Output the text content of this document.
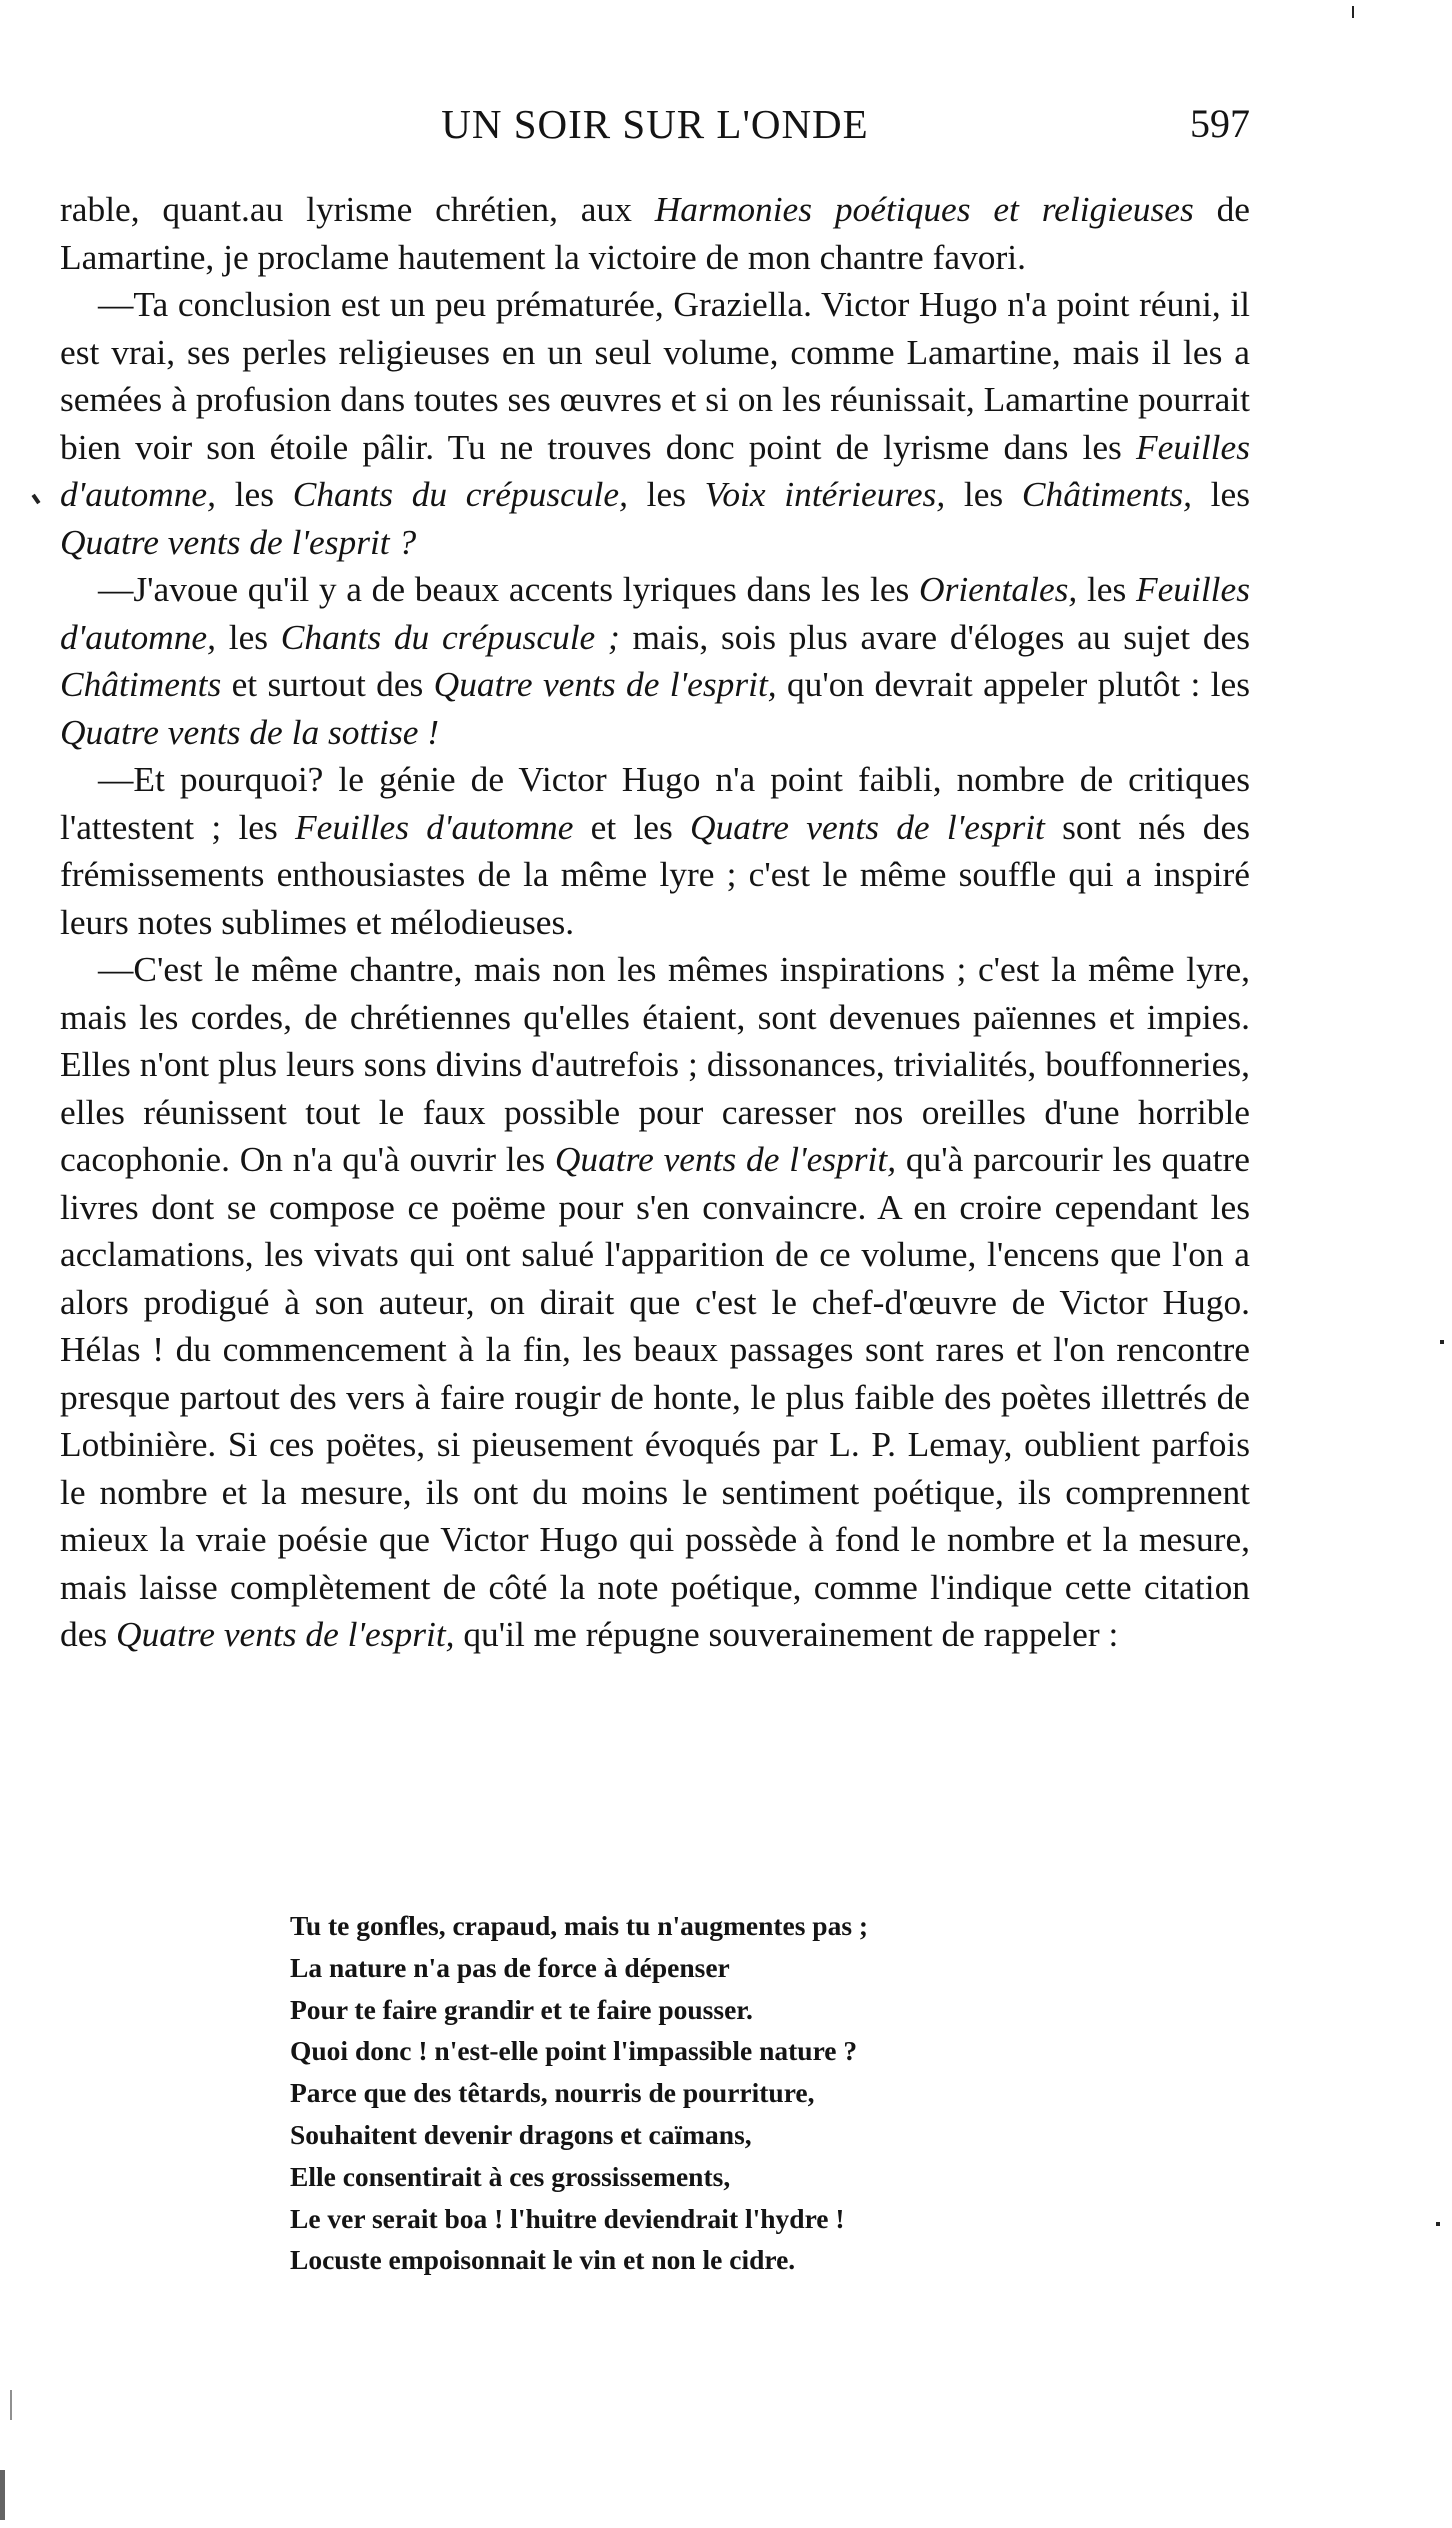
UN SOIR SUR L'ONDE	597

rable, quant.au lyrisme chrétien, aux Harmonies poétiques et religieuses de Lamartine, je proclame hautement la victoire de mon chantre favori.

—Ta conclusion est un peu prématurée, Graziella. Victor Hugo n'a point réuni, il est vrai, ses perles religieuses en un seul volume, comme Lamartine, mais il les a semées à profusion dans toutes ses œuvres et si on les réunissait, Lamartine pourrait bien voir son étoile pâlir. Tu ne trouves donc point de lyrisme dans les Feuilles d'automne, les Chants du crépuscule, les Voix intérieures, les Châtiments, les Quatre vents de l'esprit ?

—J'avoue qu'il y a de beaux accents lyriques dans les les Orientales, les Feuilles d'automne, les Chants du crépuscule ; mais, sois plus avare d'éloges au sujet des Châtiments et surtout des Quatre vents de l'esprit, qu'on devrait appeler plutôt : les Quatre vents de la sottise !

—Et pourquoi? le génie de Victor Hugo n'a point faibli, nombre de critiques l'attestent ; les Feuilles d'automne et les Quatre vents de l'esprit sont nés des frémissements enthousiastes de la même lyre ; c'est le même souffle qui a inspiré leurs notes sublimes et mélodieuses.

—C'est le même chantre, mais non les mêmes inspirations ; c'est la même lyre, mais les cordes, de chrétiennes qu'elles étaient, sont devenues païennes et impies. Elles n'ont plus leurs sons divins d'autrefois ; dissonances, trivialités, bouffonneries, elles réunissent tout le faux possible pour caresser nos oreilles d'une horrible cacophonie. On n'a qu'à ouvrir les Quatre vents de l'esprit, qu'à parcourir les quatre livres dont se compose ce poëme pour s'en convaincre. A en croire cependant les acclamations, les vivats qui ont salué l'apparition de ce volume, l'encens que l'on a alors prodigué à son auteur, on dirait que c'est le chef-d'œuvre de Victor Hugo. Hélas ! du commencement à la fin, les beaux passages sont rares et l'on rencontre presque partout des vers à faire rougir de honte, le plus faible des poètes illettrés de Lotbinière. Si ces poëtes, si pieusement évoqués par L. P. Lemay, oublient parfois le nombre et la mesure, ils ont du moins le sentiment poétique, ils comprennent mieux la vraie poésie que Victor Hugo qui possède à fond le nombre et la mesure, mais laisse complètement de côté la note poétique, comme l'indique cette citation des Quatre vents de l'esprit, qu'il me répugne souverainement de rappeler :

Tu te gonfles, crapaud, mais tu n'augmentes pas ;
La nature n'a pas de force à dépenser
Pour te faire grandir et te faire pousser.
Quoi donc ! n'est-elle point l'impassible nature ?
Parce que des têtards, nourris de pourriture,
Souhaitent devenir dragons et caïmans,
Elle consentirait à ces grossissements,
Le ver serait boa ! l'huitre deviendrait l'hydre !
Locuste empoisonnait le vin et non le cidre.
